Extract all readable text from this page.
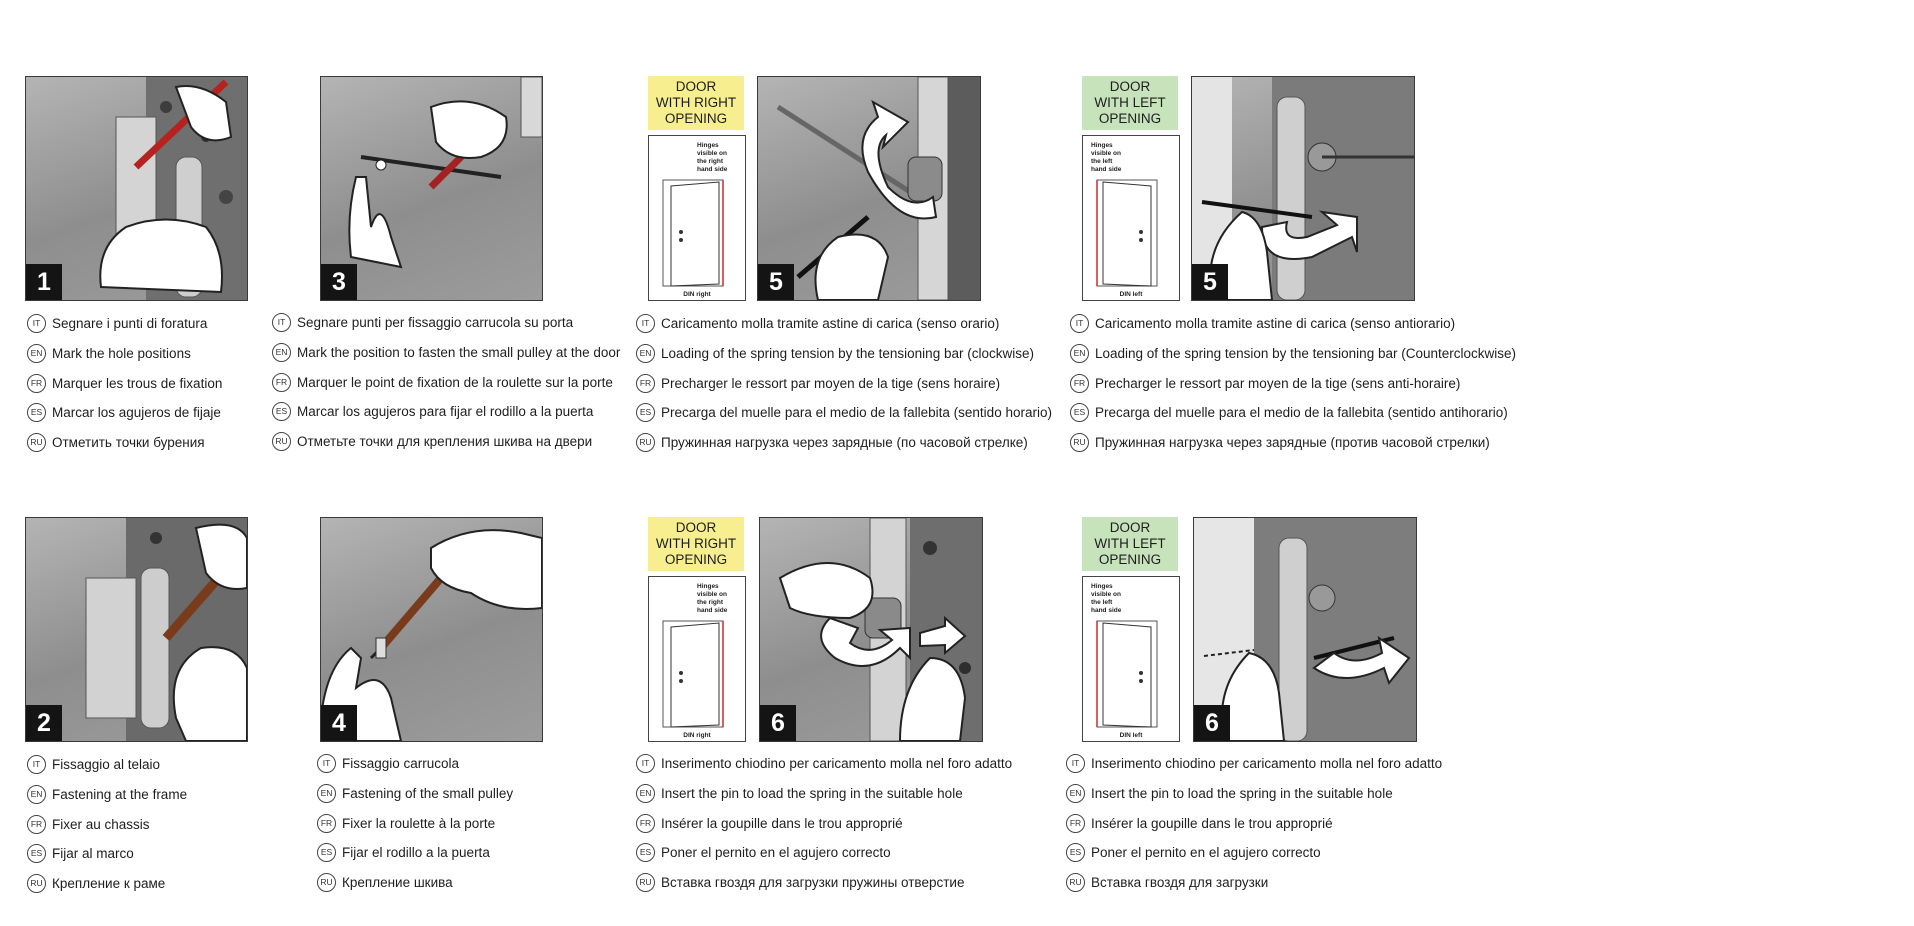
1
IT Segnare i punti di foratura
EN Mark the hole positions
FR Marquer les trous de fixation
ES Marcar los agujeros de fijaje
RU Отметить точки бурения
3
IT Segnare punti per fissaggio carrucola su porta
EN Mark the position to fasten the small pulley at the door
FR Marquer le point de fixation de la roulette sur la porte
ES Marcar los agujeros para fijar el rodillo a la puerta
RU Отметьте точки для крепления шкива на двери
DOOR
WITH RIGHT
OPENING
Hinges
visible on
the right
hand side
DIN right	5
IT Caricamento molla tramite astine di carica (senso orario)
EN Loading of the spring tension by the tensioning bar (clockwise)
FR Precharger le ressort par moyen de la tige (sens horaire)
ES Precarga del muelle para el medio de la fallebita (sentido horario)
RU Пружинная нагрузка через зарядные (по часовой стрелке)
DOOR
WITH LEFT
OPENING
Hinges
visible on
the left
hand side
DIN left	5
IT Caricamento molla tramite astine di carica (senso antiorario)
EN Loading of the spring tension by the tensioning bar (Counterclockwise)
FR Precharger le ressort par moyen de la tige (sens anti-horaire)
ES Precarga del muelle para el medio de la fallebita (sentido antihorario)
RU Пружинная нагрузка через зарядные (против часовой стрелки)
2
IT Fissaggio al telaio
EN Fastening at the frame
FR Fixer au chassis
ES Fijar al marco
RU Крепление к раме
4
IT Fissaggio carrucola
EN Fastening of the small pulley
FR Fixer la roulette à la porte
ES Fijar el rodillo a la puerta
RU Крепление шкива
DOOR
WITH RIGHT
OPENING
Hinges
visible on
the right
hand side
DIN right	6
IT Inserimento chiodino per caricamento molla nel foro adatto
EN Insert the pin to load the spring in the suitable hole
FR Insérer la goupille dans le trou approprié
ES Poner el pernito en el agujero correcto
RU Вставка гвоздя для загрузки пружины отверстие
DOOR
WITH LEFT
OPENING
Hinges
visible on
the left
hand side
DIN left	6
IT Inserimento chiodino per caricamento molla nel foro adatto
EN Insert the pin to load the spring in the suitable hole
FR Insérer la goupille dans le trou approprié
ES Poner el pernito en el agujero correcto
RU Вставка гвоздя для загрузки
